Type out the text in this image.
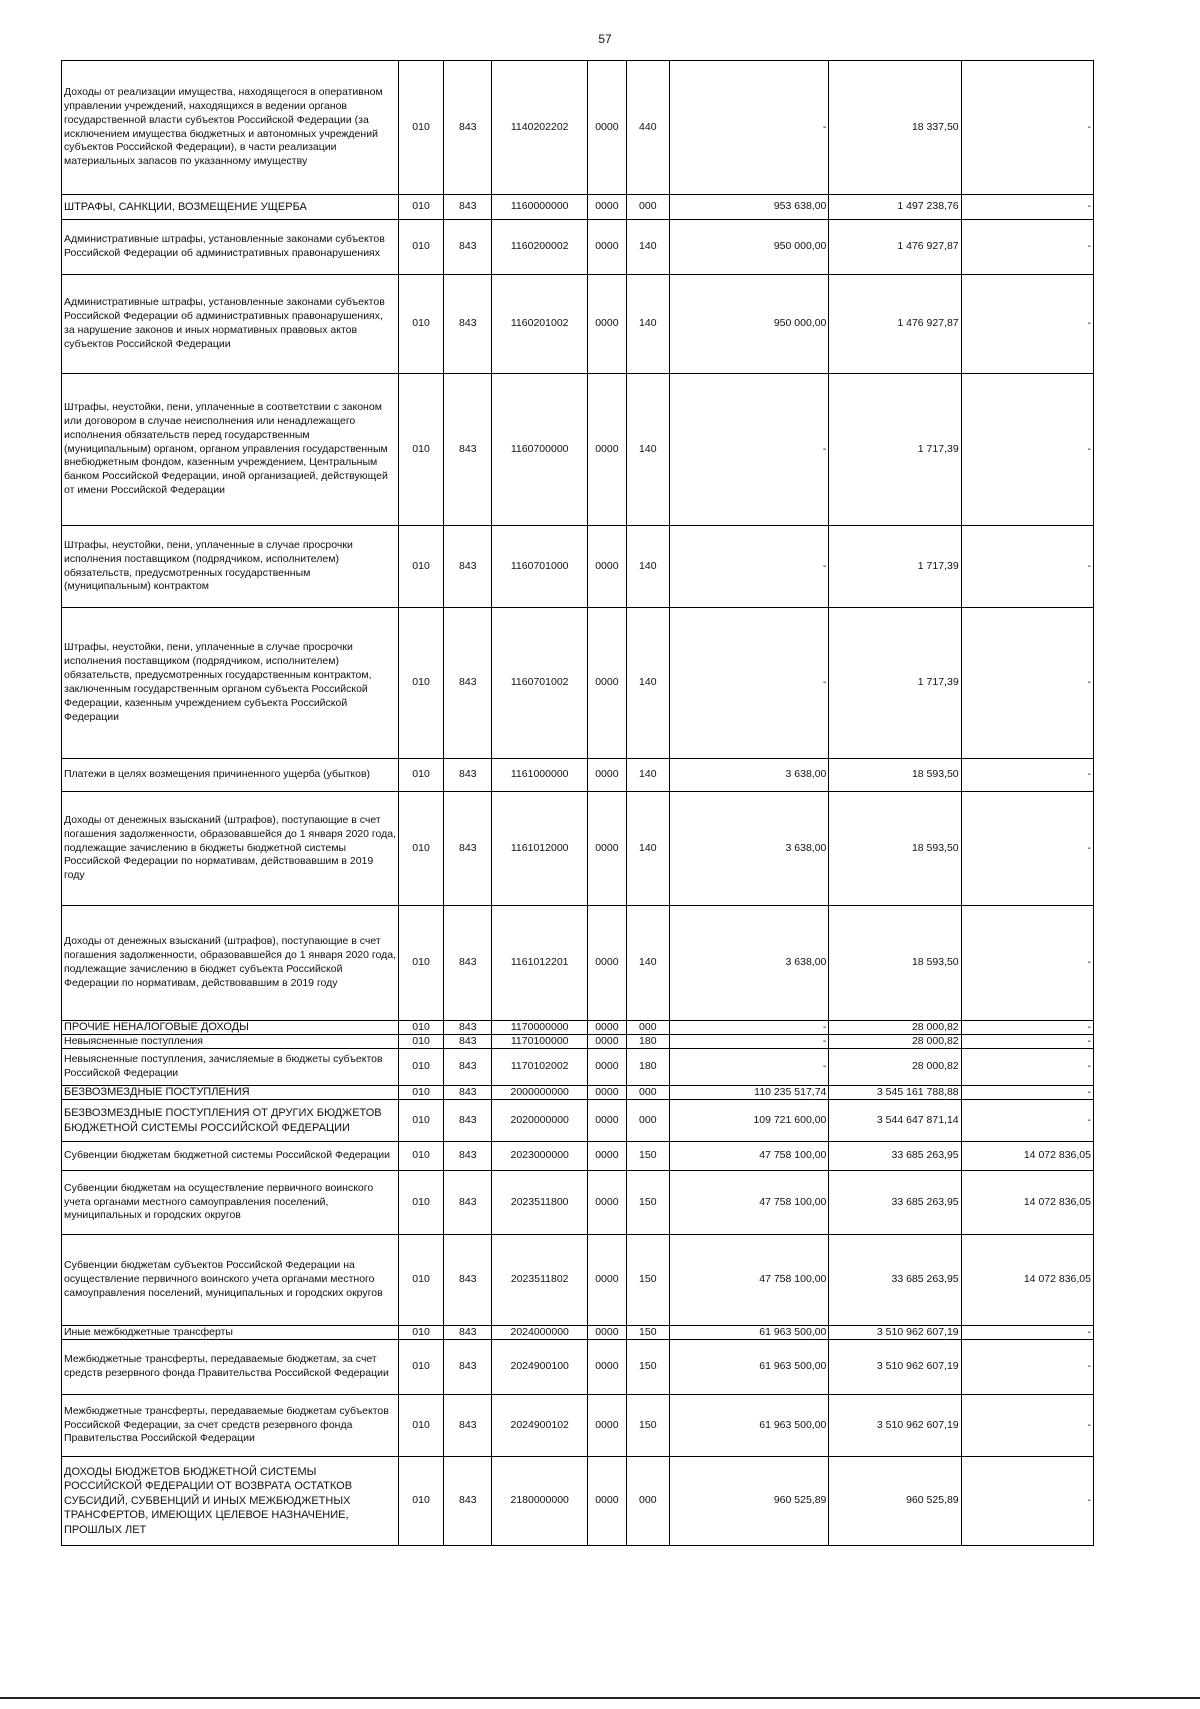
57
Доходы от реализации имущества, находящегося в оперативном управлении учреждений, находящихся в ведении органов государственной власти субъектов Российской Федерации (за исключением имущества бюджетных и автономных учреждений субъектов Российской Федерации), в части реализации материальных запасов по указанному имуществу	010	843	1140202202	0000	440	-	18 337,50	-
ШТРАФЫ, САНКЦИИ, ВОЗМЕЩЕНИЕ УЩЕРБА	010	843	1160000000	0000	000	953 638,00	1 497 238,76	-
Административные штрафы, установленные законами субъектов Российской Федерации об административных правонарушениях	010	843	1160200002	0000	140	950 000,00	1 476 927,87	-
Административные штрафы, установленные законами субъектов Российской Федерации об административных правонарушениях, за нарушение законов и иных нормативных правовых актов субъектов Российской Федерации	010	843	1160201002	0000	140	950 000,00	1 476 927,87	-
Штрафы, неустойки, пени, уплаченные в соответствии с законом или договором в случае неисполнения или ненадлежащего исполнения обязательств перед государственным (муниципальным) органом, органом управления государственным внебюджетным фондом, казенным учреждением, Центральным банком Российской Федерации, иной организацией, действующей от имени Российской Федерации	010	843	1160700000	0000	140	-	1 717,39	-
Штрафы, неустойки, пени, уплаченные в случае просрочки исполнения поставщиком (подрядчиком, исполнителем) обязательств, предусмотренных государственным (муниципальным) контрактом	010	843	1160701000	0000	140	-	1 717,39	-
Штрафы, неустойки, пени, уплаченные в случае просрочки исполнения поставщиком (подрядчиком, исполнителем) обязательств, предусмотренных государственным контрактом, заключенным государственным органом субъекта Российской Федерации, казенным учреждением субъекта Российской Федерации	010	843	1160701002	0000	140	-	1 717,39	-
Платежи в целях возмещения причиненного ущерба (убытков)	010	843	1161000000	0000	140	3 638,00	18 593,50	-
Доходы от денежных взысканий (штрафов), поступающие в счет погашения задолженности, образовавшейся до 1 января 2020 года, подлежащие зачислению в бюджеты бюджетной системы Российской Федерации по нормативам, действовавшим в 2019 году	010	843	1161012000	0000	140	3 638,00	18 593,50	-
Доходы от денежных взысканий (штрафов), поступающие в счет погашения задолженности, образовавшейся до 1 января 2020 года, подлежащие зачислению в бюджет субъекта Российской Федерации по нормативам, действовавшим в 2019 году	010	843	1161012201	0000	140	3 638,00	18 593,50	-
ПРОЧИЕ НЕНАЛОГОВЫЕ ДОХОДЫ	010	843	1170000000	0000	000	-	28 000,82	-
Невыясненные поступления	010	843	1170100000	0000	180	-	28 000,82	-
Невыясненные поступления, зачисляемые в бюджеты субъектов Российской Федерации	010	843	1170102002	0000	180	-	28 000,82	-
БЕЗВОЗМЕЗДНЫЕ ПОСТУПЛЕНИЯ	010	843	2000000000	0000	000	110 235 517,74	3 545 161 788,88	-
БЕЗВОЗМЕЗДНЫЕ ПОСТУПЛЕНИЯ ОТ ДРУГИХ БЮДЖЕТОВ БЮДЖЕТНОЙ СИСТЕМЫ РОССИЙСКОЙ ФЕДЕРАЦИИ	010	843	2020000000	0000	000	109 721 600,00	3 544 647 871,14	-
Субвенции бюджетам бюджетной системы Российской Федерации	010	843	2023000000	0000	150	47 758 100,00	33 685 263,95	14 072 836,05
Субвенции бюджетам на осуществление первичного воинского учета органами местного самоуправления поселений, муниципальных и городских округов	010	843	2023511800	0000	150	47 758 100,00	33 685 263,95	14 072 836,05
Субвенции бюджетам субъектов Российской Федерации на осуществление первичного воинского учета органами местного самоуправления поселений, муниципальных и городских округов	010	843	2023511802	0000	150	47 758 100,00	33 685 263,95	14 072 836,05
Иные межбюджетные трансферты	010	843	2024000000	0000	150	61 963 500,00	3 510 962 607,19	-
Межбюджетные трансферты, передаваемые бюджетам, за счет средств резервного фонда Правительства Российской Федерации	010	843	2024900100	0000	150	61 963 500,00	3 510 962 607,19	-
Межбюджетные трансферты, передаваемые бюджетам субъектов Российской Федерации, за счет средств резервного фонда Правительства Российской Федерации	010	843	2024900102	0000	150	61 963 500,00	3 510 962 607,19	-
ДОХОДЫ БЮДЖЕТОВ БЮДЖЕТНОЙ СИСТЕМЫ РОССИЙСКОЙ ФЕДЕРАЦИИ ОТ ВОЗВРАТА ОСТАТКОВ СУБСИДИЙ, СУБВЕНЦИЙ И ИНЫХ МЕЖБЮДЖЕТНЫХ ТРАНСФЕРТОВ, ИМЕЮЩИХ ЦЕЛЕВОЕ НАЗНАЧЕНИЕ, ПРОШЛЫХ ЛЕТ	010	843	2180000000	0000	000	960 525,89	960 525,89	-
